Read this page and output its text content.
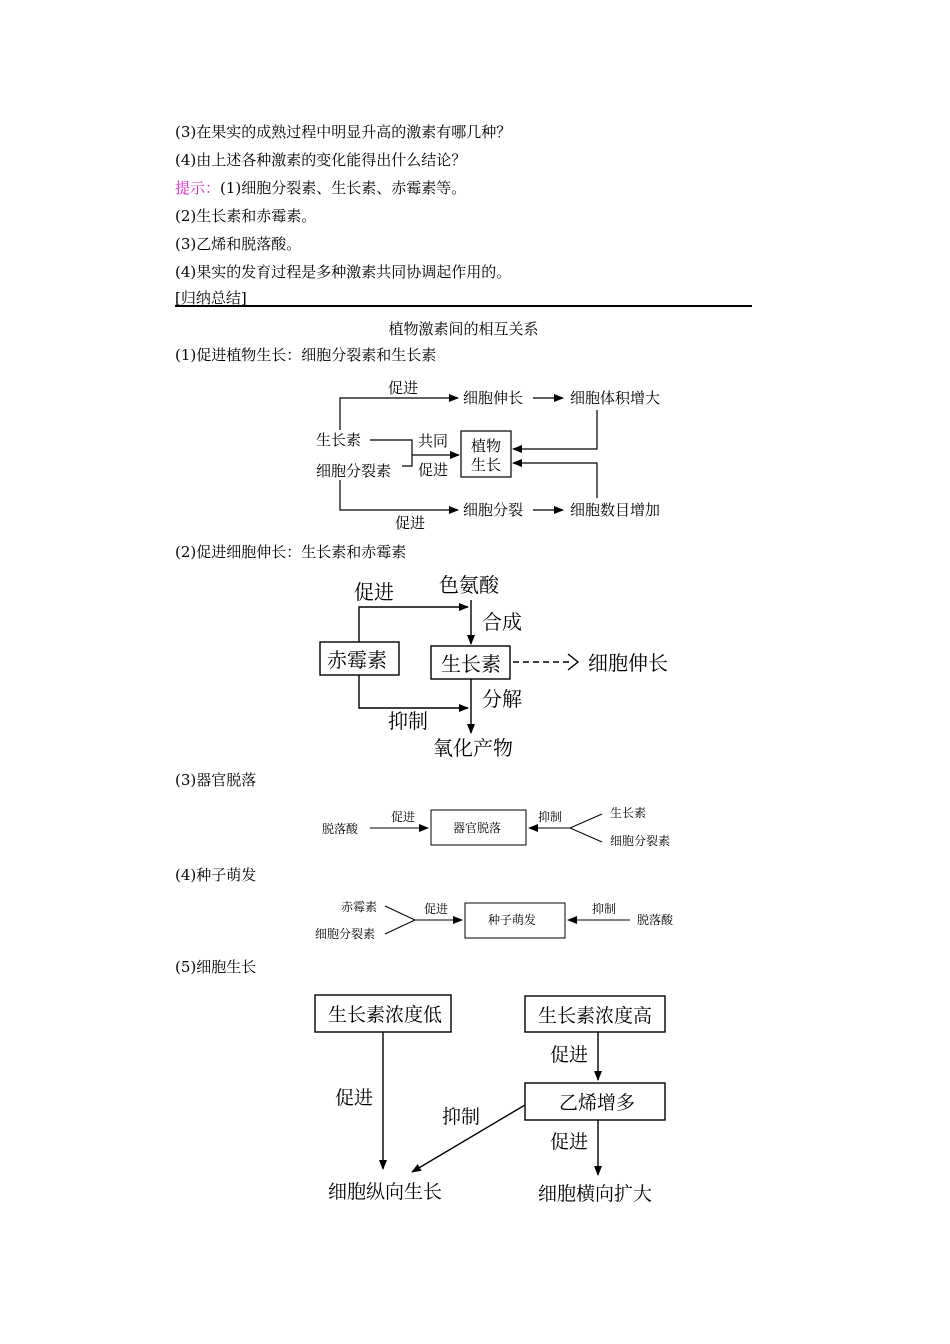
(3)在果实的成熟过程中明显升高的激素有哪几种？
(4)由上述各种激素的变化能得出什么结论？
提示：(1)细胞分裂素、生长素、赤霉素等。
(2)生长素和赤霉素。
(3)乙烯和脱落酸。
(4)果实的发育过程是多种激素共同协调起作用的。
[归纳总结]
植物激素间的相互关系
(1)促进植物生长：细胞分裂素和生长素
(2)促进细胞伸长：生长素和赤霉素
(3)器官脱落
(4)种子萌发
(5)细胞生长
促进
细胞伸长	细胞体积增大
生长素
细胞分裂素
共同
促进
植物
生长
促进
细胞分裂	细胞数目增加
促进 色氨酸
合成
赤霉素	生长素	细胞伸长
分解
抑制
氧化产物
脱落酸
促进
器官脱落
抑制	生长素
细胞分裂素
赤霉素
细胞分裂素
促进
种子萌发
抑制
脱落酸
生长素浓度低	生长素浓度高
促进
促进
乙烯增多
抑制
促进
细胞纵向生长	细胞横向扩大
